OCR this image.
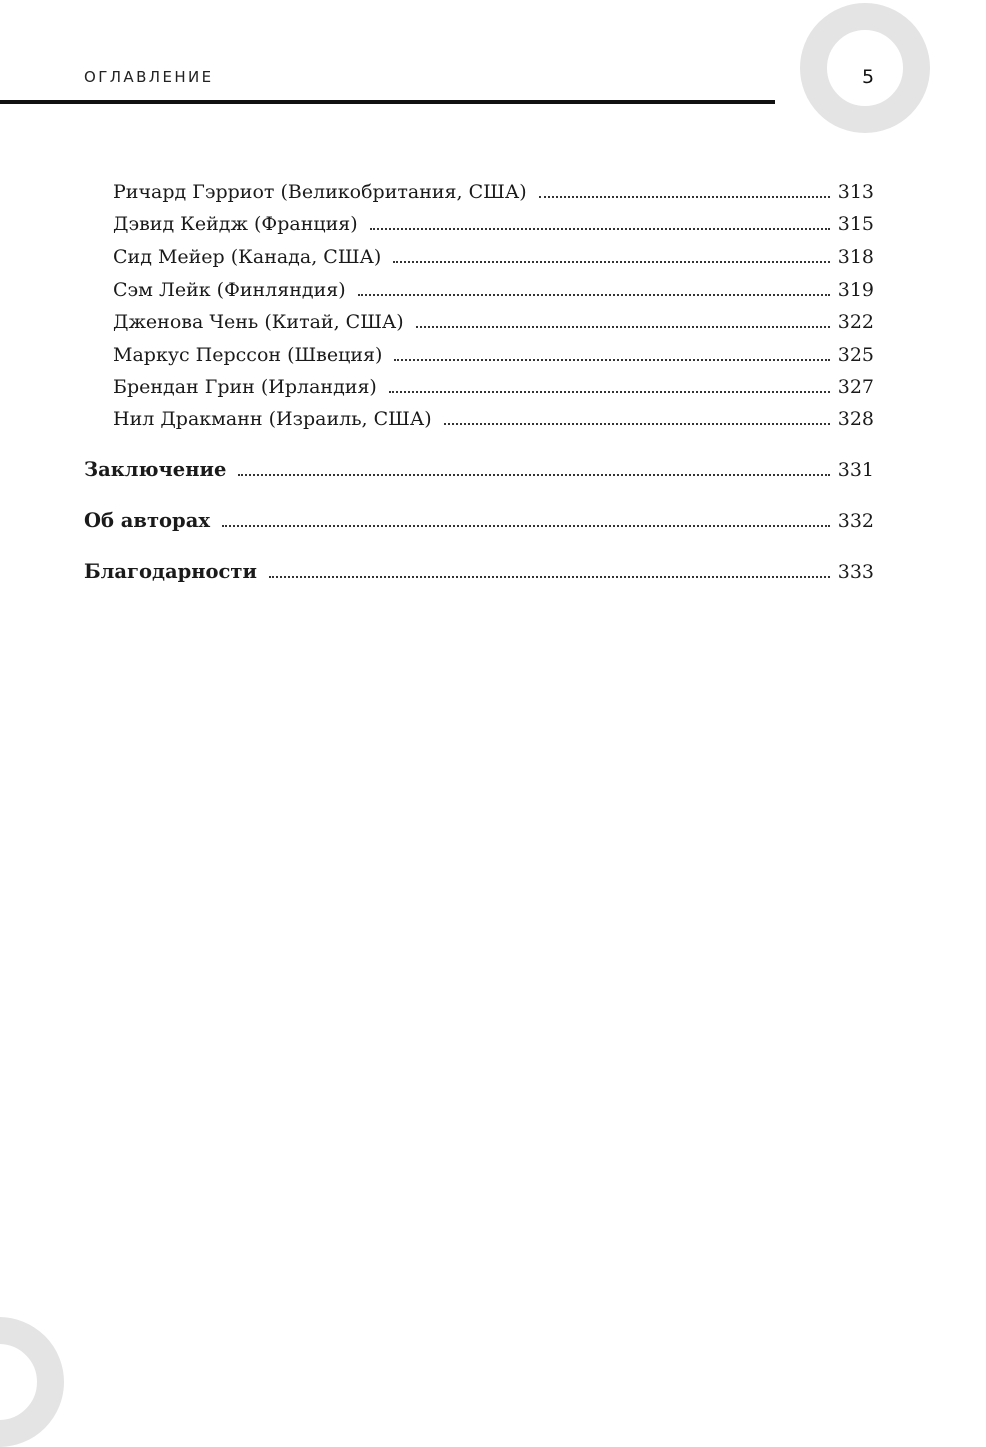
ОГЛАВЛЕНИЕ	5
Ричард Гэрриот (Великобритания, США)	313
Дэвид Кейдж (Франция)	315
Сид Мейер (Канада, США)	318
Сэм Лейк (Финляндия)	319
Дженова Чень (Китай, США)	322
Маркус Перссон (Швеция)	325
Брендан Грин (Ирландия)	327
Нил Дракманн (Израиль, США)	328
Заключение	331
Об авторах	332
Благодарности	333
